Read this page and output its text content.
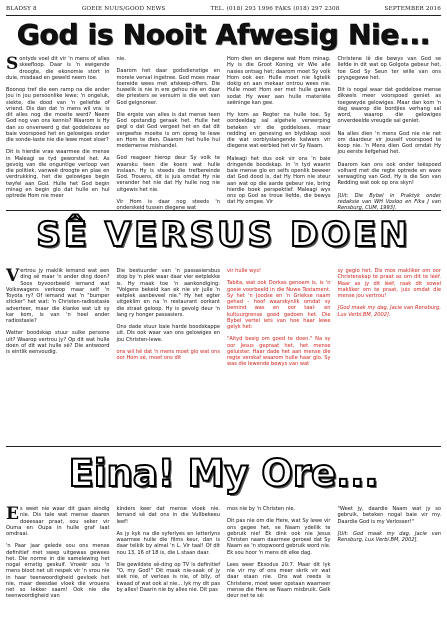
BLADSY 8	GOEIE NUUS/GOOD NEWS	TEL. (018) 293 1996 FAKS (018) 297 2308	SEPTEMBER 2016
God is Nooit Afwesig Nie...

Sontyds voel dit vir 'n mens of alles skeefloop. Daar is 'n ewigende droogte, die ekonomie stort in duie, misdaad en geweld neem toe.

Boonop tref die een ramp na die ander jou in jou persoonlike lewe; 'n ongeluk, siekte, die dood van 'n geliefde of vriend. Dis dan dat 'n mens wil vra: is dit alles nog die moeite werd? Neem God nog van ons kennis? Waarom is Hy dan so onverwerd g dat goddelozes so baie voorspoed het en gelowiges onder die sonde-laste nie die lewe moet sloer?

Dit is hierdie vrae waarmee die mense in Maleagi se tyd geworstel het. As gevolg van die onguntige verloop van die politiek, vanweë droogte en plae en verdrukking, het die gelowiges begin twyfel aan God. Hulle het God begin minag en begin glo dat hulle en hul optrede Hom nie meer

nie.

Daarom het daar godsdienstige en morele verval ingetree. God moes maar toereide wees met afskeep-offers. Die huwelik is nie in ere gehou nie en daar die priesters se versuim is die wet van God gelgnoreer.

Die ergste van alles is dat mense teen God opstandig geraak het. Hulle het gegl o dat God vergeet het en dat dit vergeefse moeite is om opreg te lewe en Hom te dien. Daarom het hulle hul medemense mishandel.

God reageer hierop deur Sy volk te waarsku teen die koers wat hulle inslaan. Hy is steeds die trefbereinde God. Trouens, dit is juis omdat Hy nie verander het nie dat Hy hulle nog nie uitgewis het nie.

Vir Hom is daar nog steeds 'n onderskeid tussen diegene wat

Hom dien en diegene wat Hom minag. Hy is die Groot Koning vir Wie alle nasies ontsag het; daarom moet Sy volk Hom ook eer. Hulle moet nie ligtelik dokig en aan mekaar ontrou wees nie. Hulle moet Hom eer met hulle gawes sodat Hy weer aan hulle materiële seëninge kan gee.

Hy kom as Regter na hulle toe. Sy oordeeldag sal algehele verwerping beteken vir die goddeloses, maar redding en genesing en blydskap sooi die wat oorblyslangende kalwers vir diegene wat eerbied het vir Sy Naam.

Maleagi het dus ook vir ons 'n baie dringende boodskap. In 'n tyd waarin baie mense glo en selfs openlik beweer dat God dood is, dat Hy Hom nie steur aan wat op die aarde gebeur nie, bring hierdie boek perspektief. Maleagi wys ons op God se troue liefde, die bewys dat Hy omgee. Vir

Christene lê die bewys van God se liefde in dit wat op Golgota gebeur het, toe God Sy Seun ter wille van ons prysgegewe het.

Dit is nogal waar dat goddelose mense dikwels meer voorspoed geniet as toegewyde gelowiges. Maar dan kom 'n dag waarop die bordjies verhang sal word, waarop die gelowiges onverdeelde vreugde sal geniet.

Na alles dien 'n mens God nie nie net om daardeur vir jouself voorspoed te koop nie. 'n Mens dien God omdat Hy jou eerste liefgehad het.

Daarom kan ons ook onder teëspoed volhard met die regte optrede en ware verwagting van God. Hy is die Son van Redding wat ook op ons skyn!

[Uit: Die Bybel in Praktyk onder redaksie van WH Vosloo en Fika J van Rensburg, CUM, 1993].

SÊ VERSUS DOEN

Vertrou jy maklik iemand wat een ding sê maar 'n ander ding doen? Soos byvoorbeeld iemand wat Volkswagens verkoop maar self 'n Toyota ry? Of iemand wat 'n "bumper sticker" het wat: 'n Christen-radiostasie adverteer, maar die klanke wat uit sy kar kom, is van 'n heel ander radiostasie?

Watter boodskap stuur sulke persone uit? Waarop vertrou jy? Op dit wat hulle doen of dit wat hulle sê? Die antwoord is eintlik eenvoudig.

Die bestuurder van 'n passasiersbus stop by 'n plek waar daar vier eetplekke is. Hy maak toe 'n aankondiging: "Volgens bekeid kan ek nie vir julle 'n eetplek aanbeveel nie." Hy het egter uitgeklim en na 'n restaurant oorkant die straat geloop. Hy is gevolg deur 'n lang ry honger passasiers.

Ons dade stuur baie harde boodskappe uit. Dis ook waar van ons gelowiges en jou Christen-lewe.

ons wil hê dat 'n mens moet glo wat ons oor Hom sê, moet ons dit

vir hulle wys!

Tabita, wat ook Dorkas genoem is, is 'n goeie voorbeeld in die Nuwe Testament. Sy het 'n Joodse en 'n Griekse naam gehad - hoof waarskynlik omdat sy bemind was en oor taal- en kultuurgrense goed gedoen het. Die Bybel vertel iets van hoe haar lewe gelyk het:

"Altyd besig om goed te doen." Na sy oor Jesus gepraat het, het mense geluister. Haar dade het aan mense die regte verskaf waarom hulle haar glo. Sy was die lewende bewys van wat

sy geglo het. Dis mos makliker om oor Christenskap te praat as om dit te lééf. Maar as jy dit lééf, raak dit sowel makliker om te praat, juis omdat die mense jou vertrou!

[God maak my dag, Jacie van Rensburg, Lux Verbi.BM, 2002].

Eina! My Ore...

Es weet nie waar dit gaan eindig nie. Dis tale wat mense daaren doeesaar praat, sou seker vir Ouma en Oupa in hulle graf laat omdraai.

'n Paar jaar gelede sou ons mense definitief met swep uitgewas gewees het. Die norme in die samelewing het nogal ernstig geskuif. Vroeër sou 'n mens bloot net uit respek vir 'n vrou nie in haar teenwoordigheid gevloek het nie, maar deesdae vloek die vrouens net so lekker saam! Ook nie die teenwoordigheid van

kinders keer dat mense vloek nie. Iemand sê dat ons in die Vullbekeeu leef!

As jy kyk na die syferlyes en letterlyns waarmee hulle die films keur, dan is daar telkik by almal 'n L. Vir taal! Of dit nou 13, 16 of 18 is, die L staan daar.

Die gewildste sê-ding op TV is definitief "O, my God!" Dit maak nie-saak of jy siek nie, of verloas is nie, of blly, of kwaad of wat ook al nie... lyk my dit pas by alles! Daarin nie by alles nie. Dit pas

mos nie by 'n Christen nie.

Dit pas nie om die Here, wat Sy lewe vir ons gegee het, se Naam ydellik te gebruik nie! Ek dink ook nie Jesus Christen naam daarmee geroeel dat Sy Naam as 'n stopwoord gebruik word nie. Ek sou hoor 'n mens dit elke dag.

Lees weer Eksodus 20:7. Maar dit lyk nie vir my of ons meer skrik vir wat daar staan nie. Ons wat reeds is Christene, moet weer opstaan waarneer mense die Here se Naam misbruik. Gelk deur net te sê:

"Weet jy, daardie Naam wat jy so gebruik, beteken nogal baie vir my. Daardie God is my Verlosser!"

[Uit: God maak my dag, Jacie van Rensburg, Lux Verbi.BM, 2002].
